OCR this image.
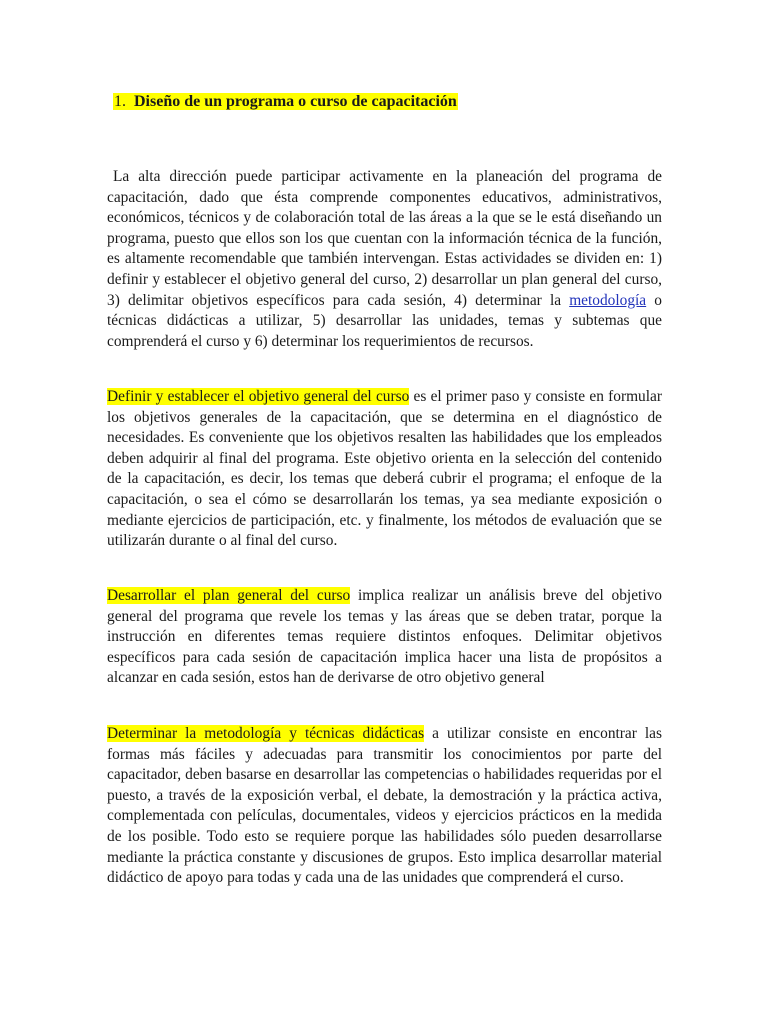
1. Diseño de un programa o curso de capacitación

La alta dirección puede participar activamente en la planeación del programa de capacitación, dado que ésta comprende componentes educativos, administrativos, económicos, técnicos y de colaboración total de las áreas a la que se le está diseñando un programa, puesto que ellos son los que cuentan con la información técnica de la función, es altamente recomendable que también intervengan. Estas actividades se dividen en: 1) definir y establecer el objetivo general del curso, 2) desarrollar un plan general del curso, 3) delimitar objetivos específicos para cada sesión, 4) determinar la metodología o técnicas didácticas a utilizar, 5) desarrollar las unidades, temas y subtemas que comprenderá el curso y 6) determinar los requerimientos de recursos.

Definir y establecer el objetivo general del curso es el primer paso y consiste en formular los objetivos generales de la capacitación, que se determina en el diagnóstico de necesidades. Es conveniente que los objetivos resalten las habilidades que los empleados deben adquirir al final del programa. Este objetivo orienta en la selección del contenido de la capacitación, es decir, los temas que deberá cubrir el programa; el enfoque de la capacitación, o sea el cómo se desarrollarán los temas, ya sea mediante exposición o mediante ejercicios de participación, etc. y finalmente, los métodos de evaluación que se utilizarán durante o al final del curso.

Desarrollar el plan general del curso implica realizar un análisis breve del objetivo general del programa que revele los temas y las áreas que se deben tratar, porque la instrucción en diferentes temas requiere distintos enfoques. Delimitar objetivos específicos para cada sesión de capacitación implica hacer una lista de propósitos a alcanzar en cada sesión, estos han de derivarse de otro objetivo general

Determinar la metodología y técnicas didácticas a utilizar consiste en encontrar las formas más fáciles y adecuadas para transmitir los conocimientos por parte del capacitador, deben basarse en desarrollar las competencias o habilidades requeridas por el puesto, a través de la exposición verbal, el debate, la demostración y la práctica activa, complementada con películas, documentales, videos y ejercicios prácticos en la medida de los posible. Todo esto se requiere porque las habilidades sólo pueden desarrollarse mediante la práctica constante y discusiones de grupos. Esto implica desarrollar material didáctico de apoyo para todas y cada una de las unidades que comprenderá el curso.
